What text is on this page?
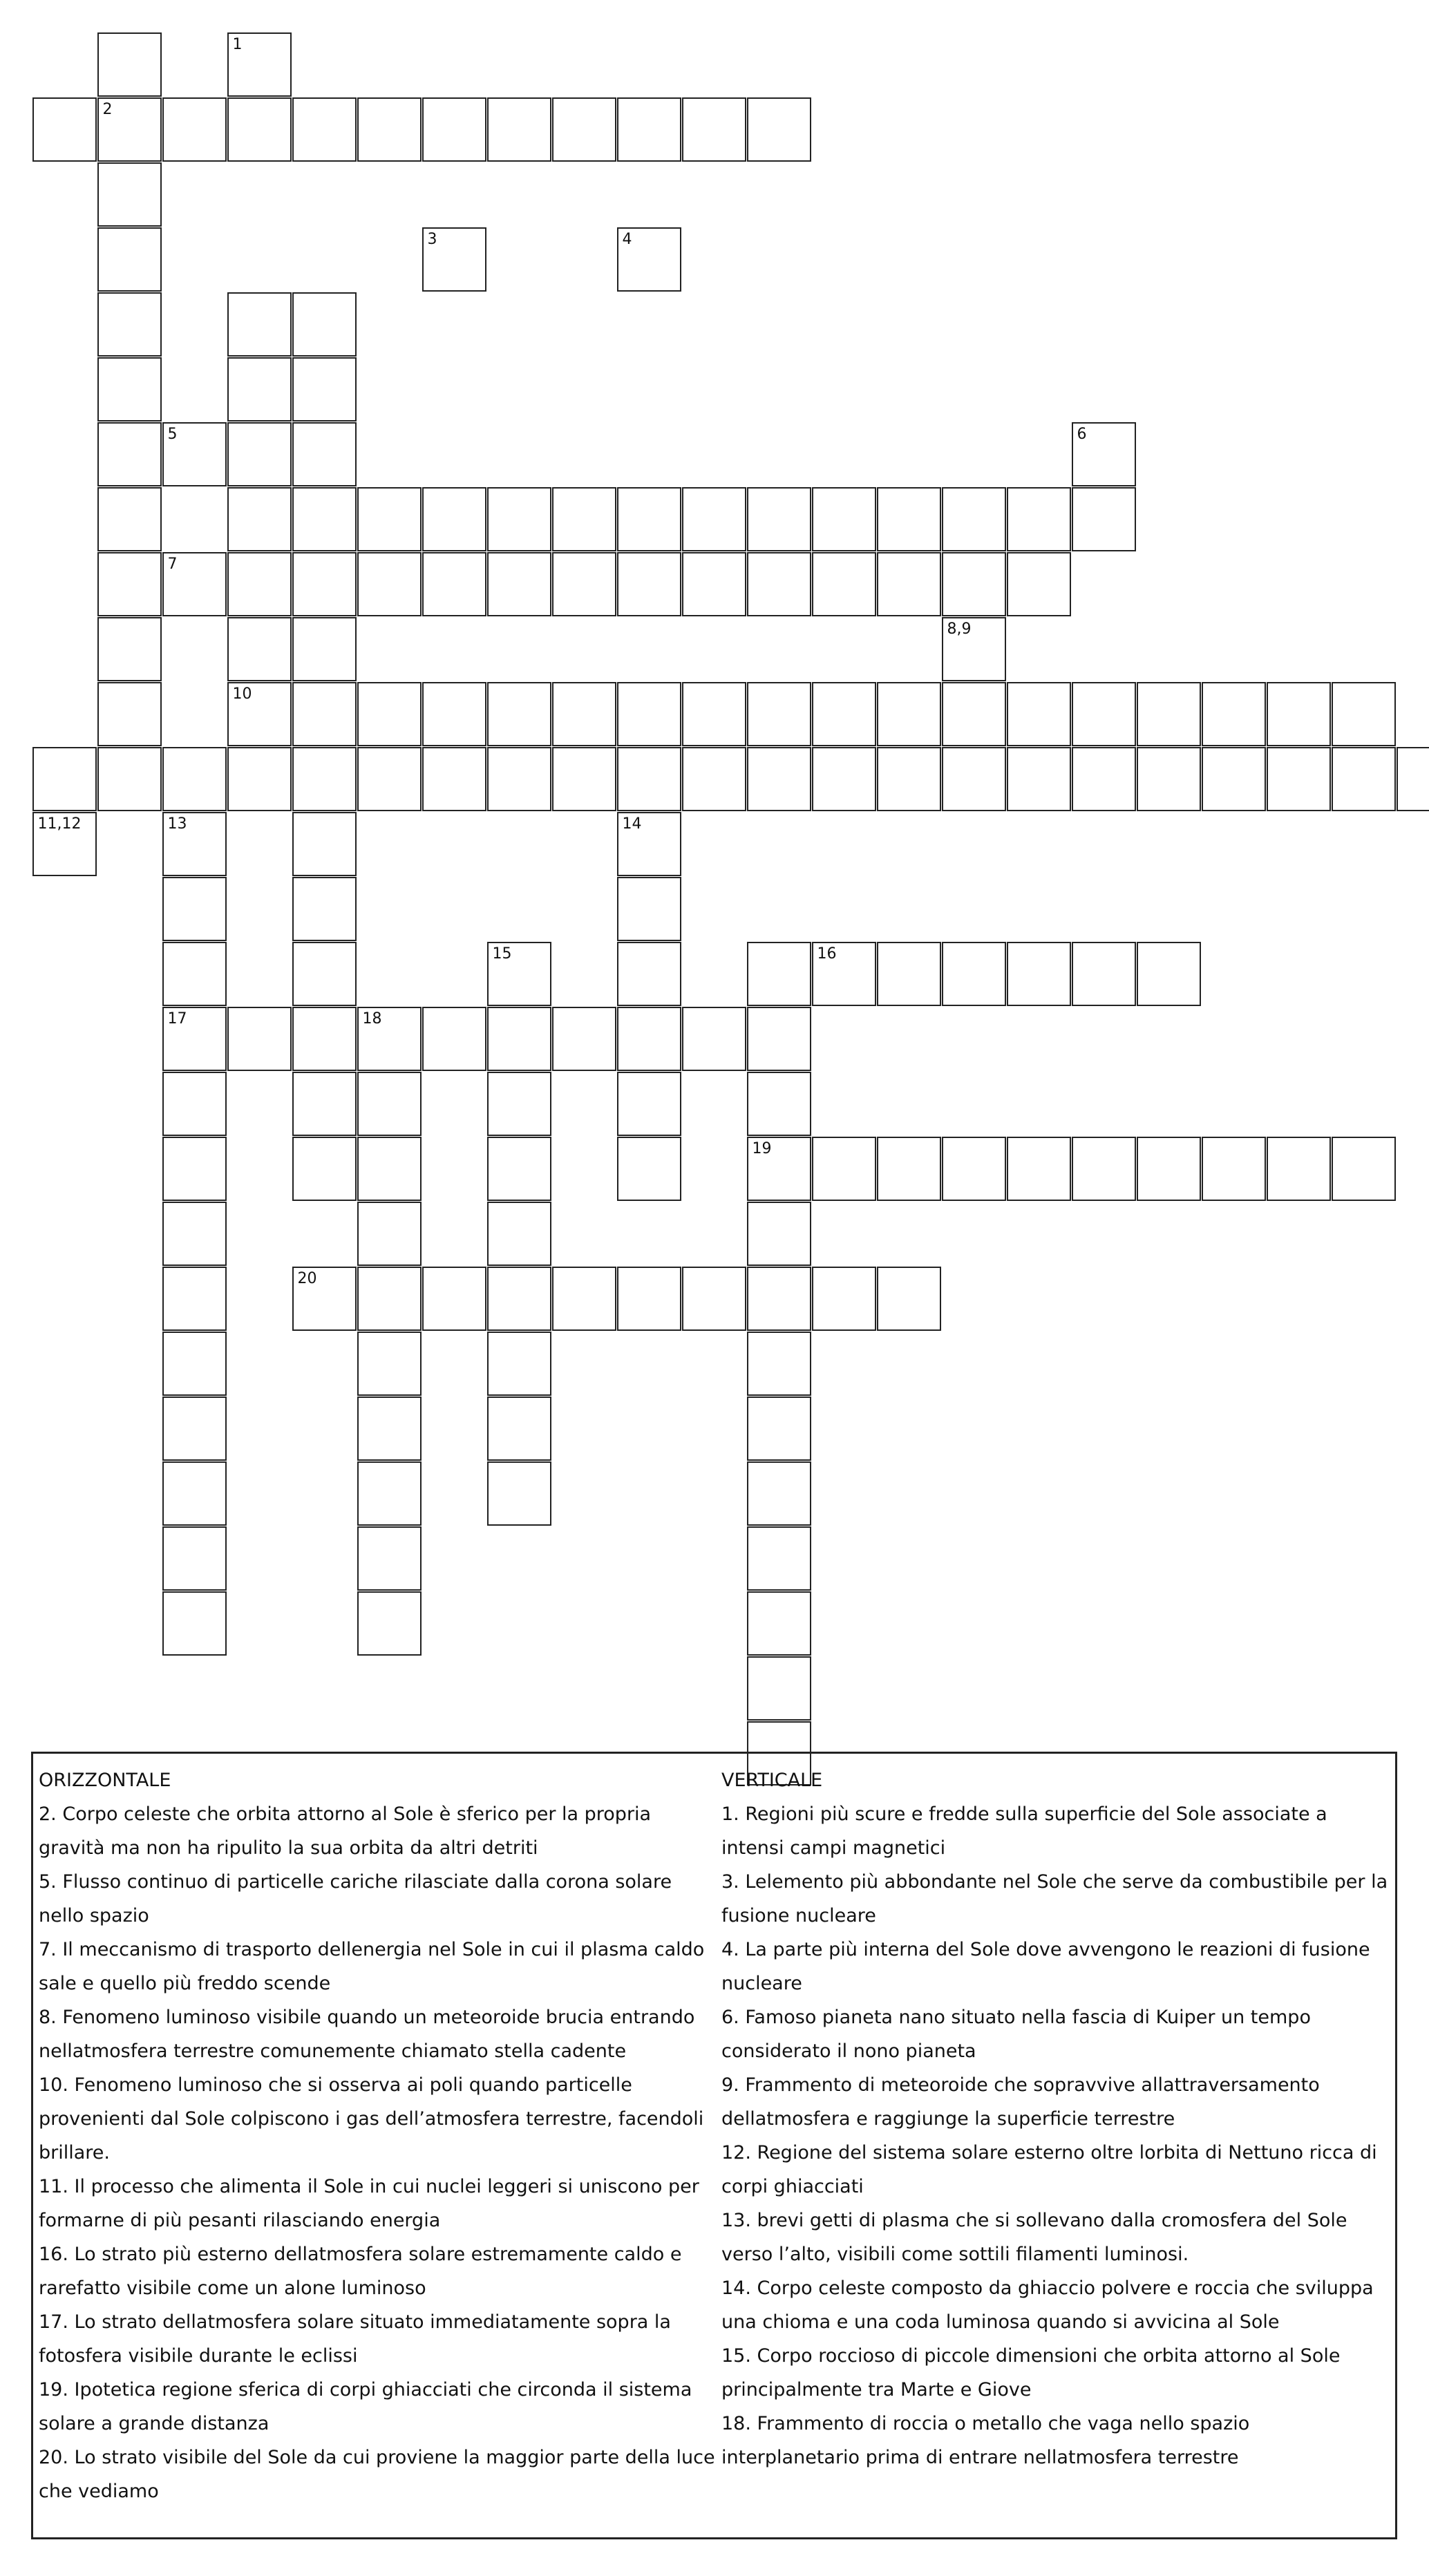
2
10
13
17
16
18
15
14
19
20
1
3	4
5	6
7
8,9
11,12
ORIZZONTALE

2. Corpo celeste che orbita attorno al Sole è sferico per la propria gravità ma non ha ripulito la sua orbita da altri detriti

5. Flusso continuo di particelle cariche rilasciate dalla corona solare nello spazio

7. Il meccanismo di trasporto dellenergia nel Sole in cui il plasma caldo sale e quello più freddo scende

8. Fenomeno luminoso visibile quando un meteoroide brucia entrando nellatmosfera terrestre comunemente chiamato stella cadente

10. Fenomeno luminoso che si osserva ai poli quando particelle provenienti dal Sole colpiscono i gas dell’atmosfera terrestre, facendoli brillare.

11. Il processo che alimenta il Sole in cui nuclei leggeri si uniscono per formarne di più pesanti rilasciando energia

16. Lo strato più esterno dellatmosfera solare estremamente caldo e rarefatto visibile come un alone luminoso

17. Lo strato dellatmosfera solare situato immediatamente sopra la fotosfera visibile durante le eclissi

19. Ipotetica regione sferica di corpi ghiacciati che circonda il sistema solare a grande distanza

20. Lo strato visibile del Sole da cui proviene la maggior parte della luce che vediamo

VERTICALE

1. Regioni più scure e fredde sulla superficie del Sole associate a intensi campi magnetici

3. Lelemento più abbondante nel Sole che serve da combustibile per la fusione nucleare

4. La parte più interna del Sole dove avvengono le reazioni di fusione nucleare

6. Famoso pianeta nano situato nella fascia di Kuiper un tempo considerato il nono pianeta

9. Frammento di meteoroide che sopravvive allattraversamento dellatmosfera e raggiunge la superficie terrestre

12. Regione del sistema solare esterno oltre lorbita di Nettuno ricca di corpi ghiacciati

13. brevi getti di plasma che si sollevano dalla cromosfera del Sole verso l’alto, visibili come sottili filamenti luminosi.

14. Corpo celeste composto da ghiaccio polvere e roccia che sviluppa una chioma e una coda luminosa quando si avvicina al Sole

15. Corpo roccioso di piccole dimensioni che orbita attorno al Sole principalmente tra Marte e Giove

18. Frammento di roccia o metallo che vaga nello spazio interplanetario prima di entrare nellatmosfera terrestre
